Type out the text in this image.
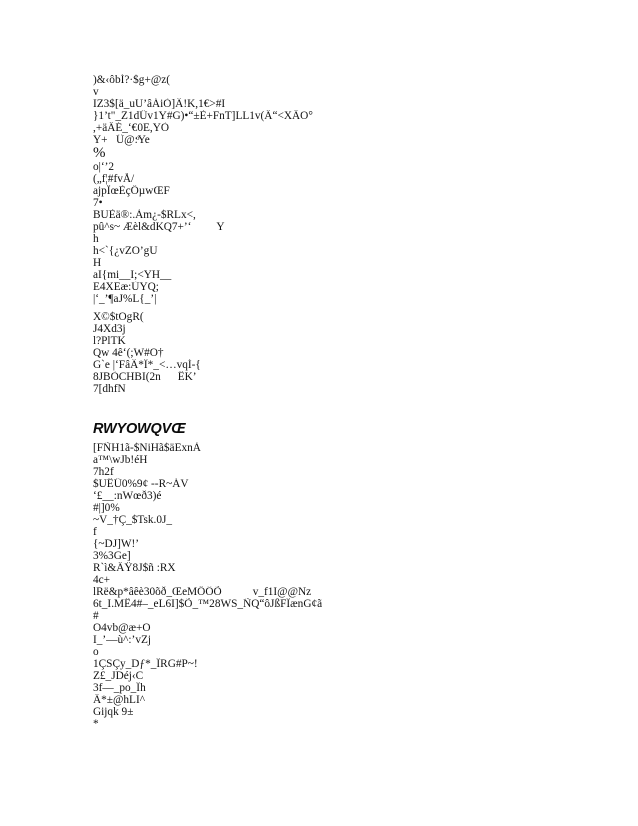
)&‹ôbÍ?·$g+@z(
v
IZ3$[ä_uU’âÁiÒ]Â!K,1€>#I
}1’t"_Z1dÜv1Y#G)•“±È+FnT]LL1v(Ä“<XÄO°
,+äÄÉ_‘€0E,YÒ
Y+   Û@:ͦYe
%
o|‘’2
(„f¦#fvÅ/
ajpÏœÈçÖµwŒF
7•
BUÈä®:.Àm¿-$RLx<,
pû^s~ Æèl&dKQ7+’‘         Y
h
h<`{¿vZO’gU
H
aI{mi__I;<YH__
E4XEæ:ÙYQ;
|‘_’¶aJ%L{_’|
X©$tOgR(
J4Xd3j
l?PlTK
Qw 4ê‘(;W#O†
G`e |‘FâÂ*Î*_<…vqÍ-{
8JBÒCHBI(2n      ÊK’
7[dhfN
RWYOWQVŒ
[FÑH1ã-$NiHã$äExnÀ
a™\wJb!éH
7h2f
$UÊÜ0%9¢ --R~ÁV
‘£__:nWœð3)é
#|]0%
~V_†Ç_$Tsk.0J_
f
{~DJ]W!’
3%3Ge]
R`ì&ÄŸ8J$ñ :RX
4c+
lRë&p*âêè30õð_ŒeMÖÔÕ           v_f1I@@Nz
6t_I.MÊ4#–_eL6I]$Õ_™28WS_ÑQ“ôJßFÎænG¢ã
#
O4vb@æ+O
I_’—ù^:’vZj
o
1ÇSÇy_Dƒ*_ÎRG#P~!
Z£_JDéj‹C
3f—_po_Îh
Ä*±@hLI^
Gijqk 9±
*
